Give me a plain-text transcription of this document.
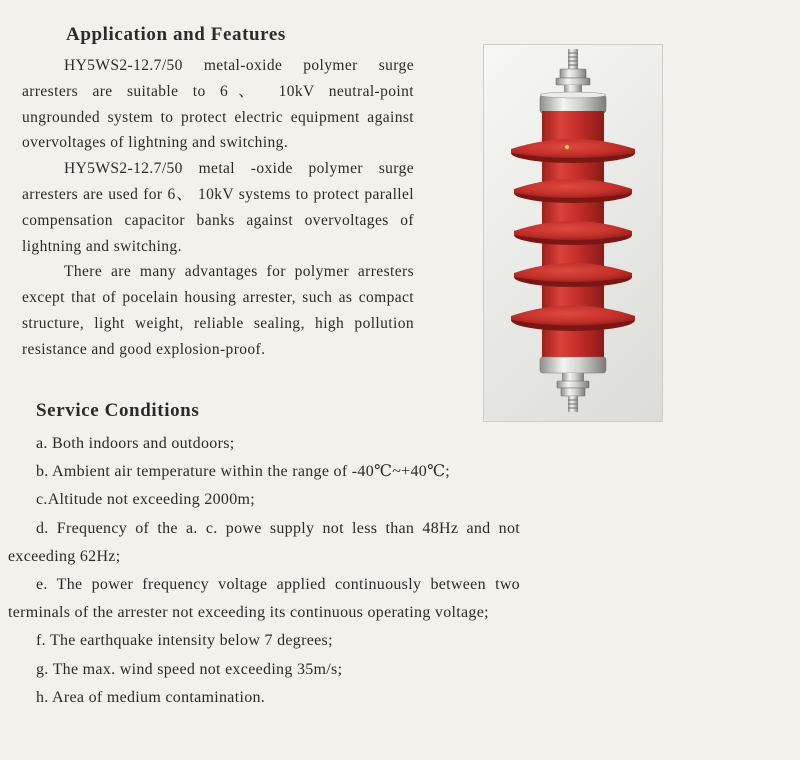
Application and Features

HY5WS2-12.7/50 metal-oxide polymer surge arresters are suitable to 6、 10kV neutral-point ungrounded system to protect electric equipment against overvoltages of lightning and switching.

HY5WS2-12.7/50 metal -oxide polymer surge arresters are used for 6、 10kV systems to protect parallel compensation capacitor banks against overvoltages of lightning and switching.

There are many advantages for polymer arresters except that of pocelain housing arrester, such as compact structure, light weight, reliable sealing, high pollution resistance and good explosion-proof.

Service Conditions

a. Both indoors and outdoors;

b. Ambient air temperature within the range of -40℃~+40℃;

c.Altitude not exceeding 2000m;

d. Frequency of the a. c. powe supply not less than 48Hz and not exceeding 62Hz;

e. The power frequency voltage applied continuously between two terminals of the arrester not exceeding its continuous operating voltage;

f. The earthquake intensity below 7 degrees;

g. The max. wind speed not exceeding 35m/s;

h. Area of medium contamination.
